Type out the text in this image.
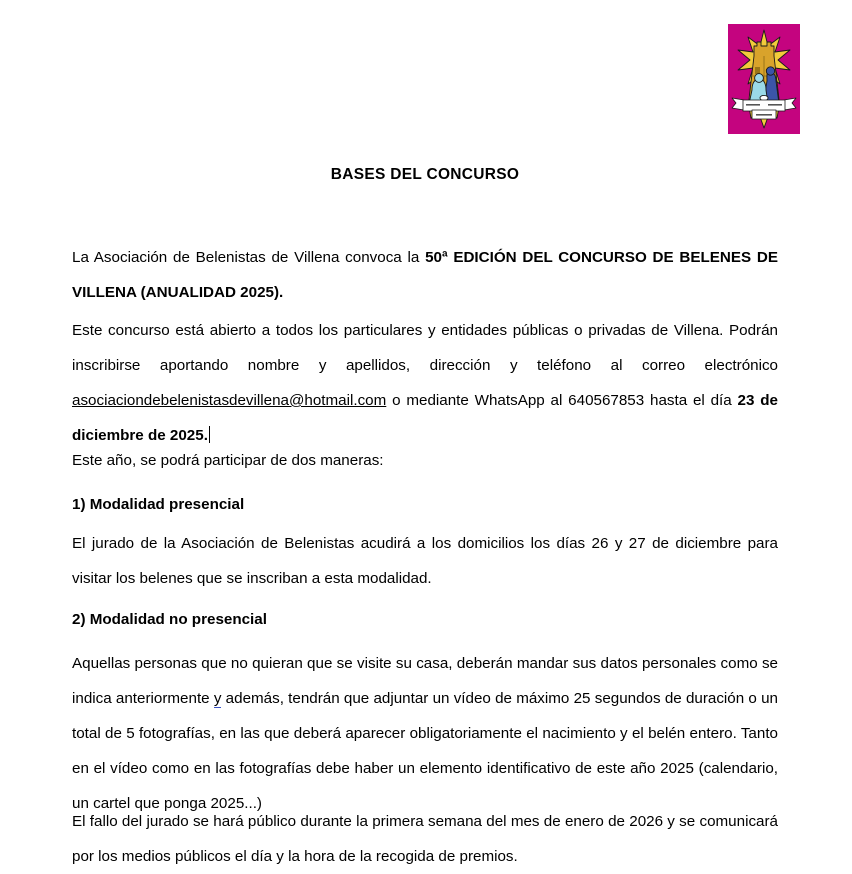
BASES DEL CONCURSO

La Asociación de Belenistas de Villena convoca la 50ª EDICIÓN DEL CONCURSO DE BELENES DE VILLENA (ANUALIDAD 2025).

Este concurso está abierto a todos los particulares y entidades públicas o privadas de Villena. Podrán inscribirse aportando nombre y apellidos, dirección y teléfono al correo electrónico asociaciondebelenistasdevillena@hotmail.com o mediante WhatsApp al 640567853 hasta el día 23 de diciembre de 2025.

Este año, se podrá participar de dos maneras:

1) Modalidad presencial

El jurado de la Asociación de Belenistas acudirá a los domicilios los días 26 y 27 de diciembre para visitar los belenes que se inscriban a esta modalidad.

2) Modalidad no presencial

Aquellas personas que no quieran que se visite su casa, deberán mandar sus datos personales como se indica anteriormente y además, tendrán que adjuntar un vídeo de máximo 25 segundos de duración o un total de 5 fotografías, en las que deberá aparecer obligatoriamente el nacimiento y el belén entero. Tanto en el vídeo como en las fotografías debe haber un elemento identificativo de este año 2025 (calendario, un cartel que ponga 2025...)

El fallo del jurado se hará público durante la primera semana del mes de enero de 2026 y se comunicará por los medios públicos el día y la hora de la recogida de premios.
